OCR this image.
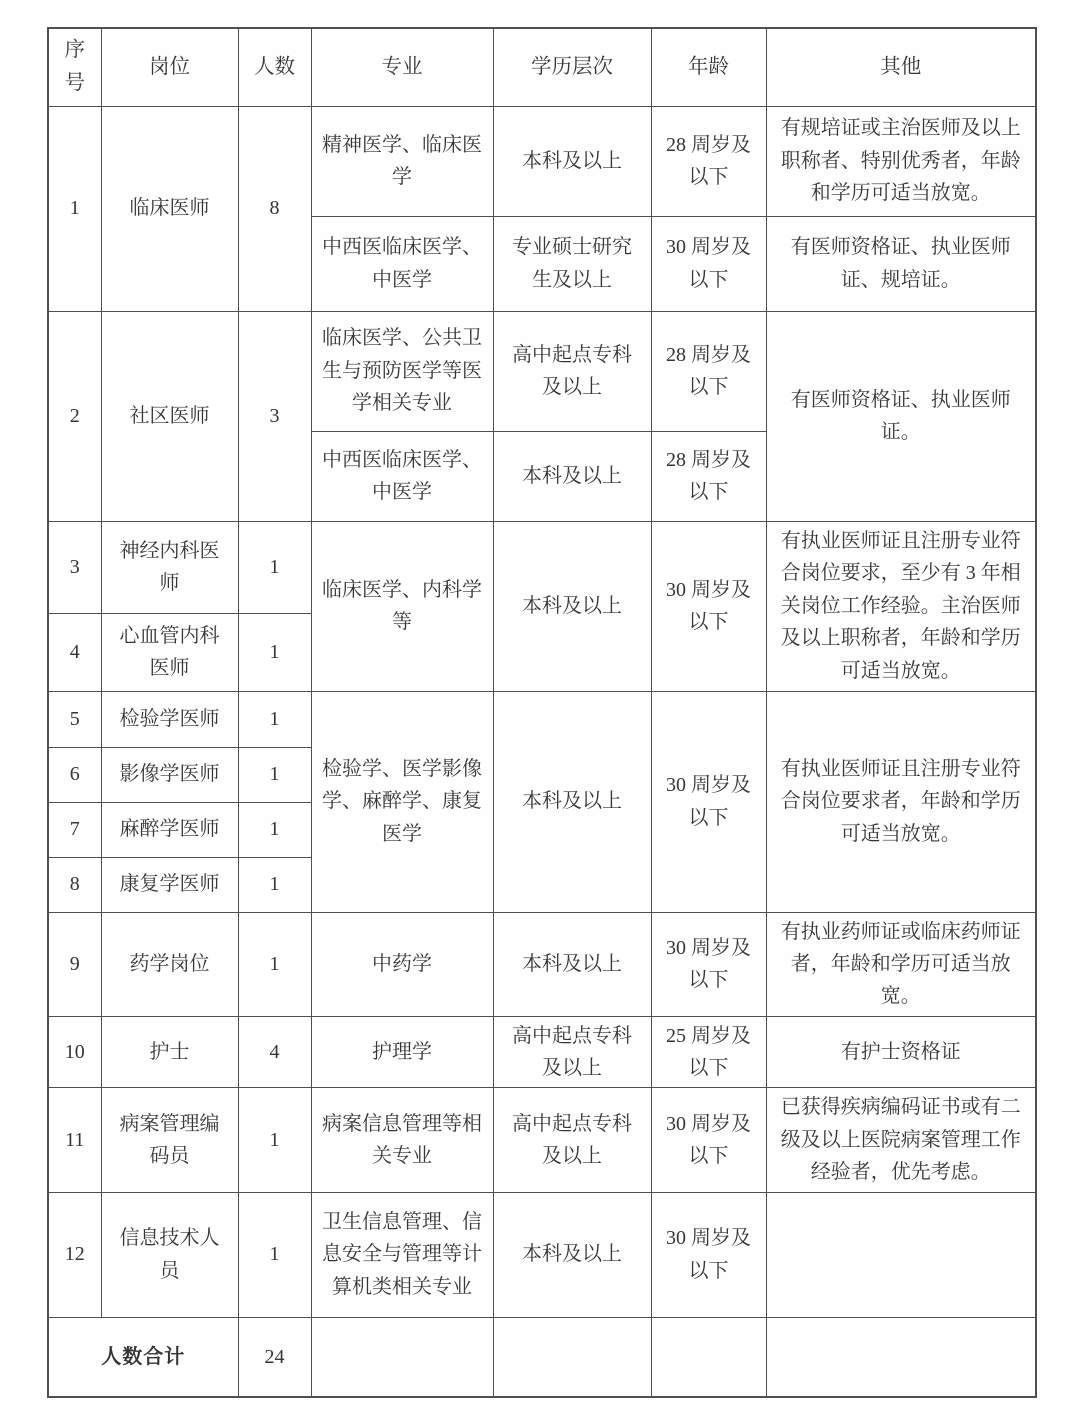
序号	岗位	人数	专业	学历层次	年龄	其他
1	临床医师	8	精神医学、临床医学	本科及以上	28 周岁及以下	有规培证或主治医师及以上职称者、特别优秀者，年龄和学历可适当放宽。
			中西医临床医学、中医学	专业硕士研究生及以上	30 周岁及以下	有医师资格证、执业医师证、规培证。
2	社区医师	3	临床医学、公共卫生与预防医学等医学相关专业	高中起点专科及以上	28 周岁及以下	有医师资格证、执业医师证。
			中西医临床医学、中医学	本科及以上	28 周岁及以下	
3	神经内科医师	1	临床医学、内科学等	本科及以上	30 周岁及以下	有执业医师证且注册专业符合岗位要求，至少有 3 年相关岗位工作经验。主治医师及以上职称者，年龄和学历可适当放宽。
4	心血管内科医师	1				
5	检验学医师	1	检验学、医学影像学、麻醉学、康复医学	本科及以上	30 周岁及以下	有执业医师证且注册专业符合岗位要求者，年龄和学历可适当放宽。
6	影像学医师	1				
7	麻醉学医师	1				
8	康复学医师	1				
9	药学岗位	1	中药学	本科及以上	30 周岁及以下	有执业药师证或临床药师证者，年龄和学历可适当放宽。
10	护士	4	护理学	高中起点专科及以上	25 周岁及以下	有护士资格证
11	病案管理编码员	1	病案信息管理等相关专业	高中起点专科及以上	30 周岁及以下	已获得疾病编码证书或有二级及以上医院病案管理工作经验者，优先考虑。
12	信息技术人员	1	卫生信息管理、信息安全与管理等计算机类相关专业	本科及以上	30 周岁及以下	
人数合计		24				
